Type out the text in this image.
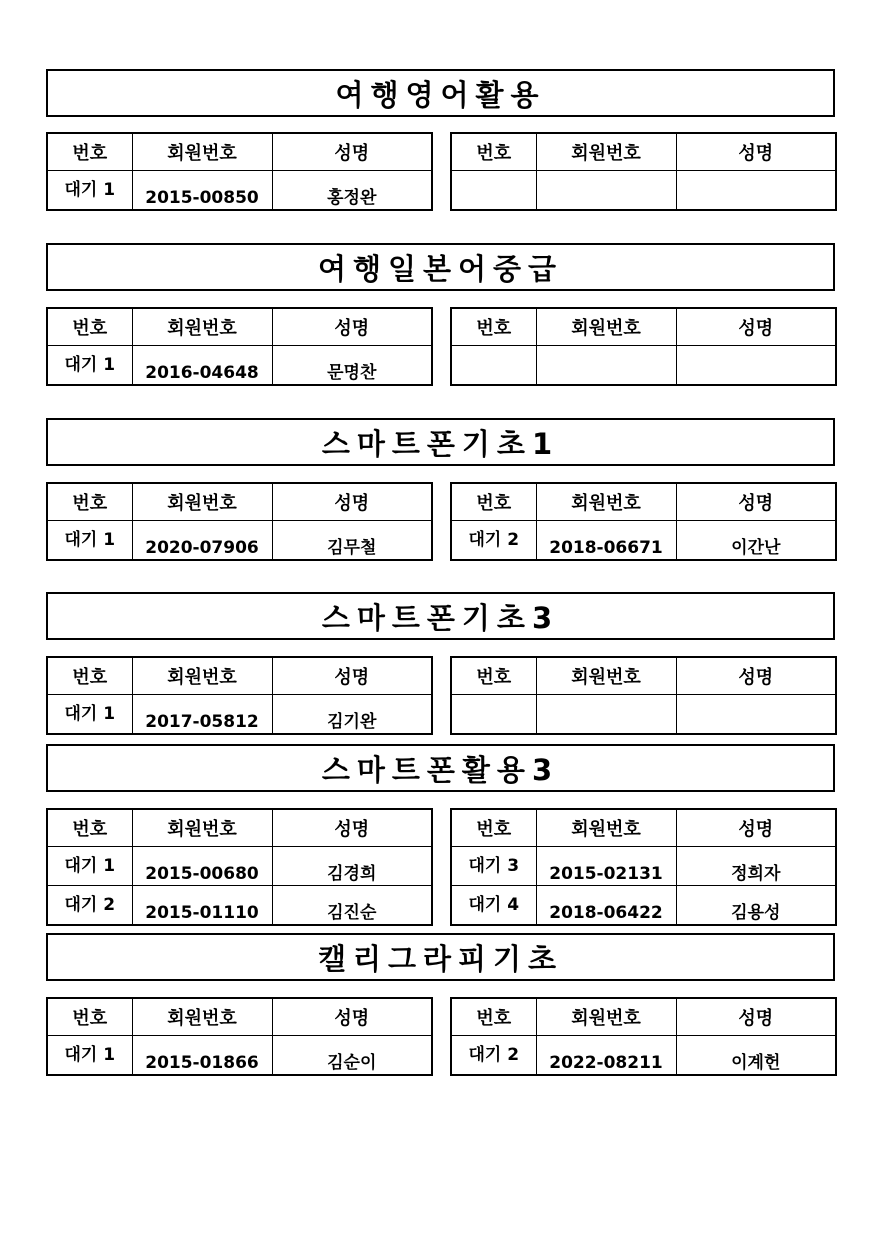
여행영어활용
번호	회원번호	성명
대기 1	2015-00850	홍정완
번호	회원번호	성명

여행일본어중급
번호	회원번호	성명
대기 1	2016-04648	문명찬
번호	회원번호	성명

스마트폰기초1
번호	회원번호	성명
대기 1	2020-07906	김무철
번호	회원번호	성명
대기 2	2018-06671	이간난
스마트폰기초3
번호	회원번호	성명
대기 1	2017-05812	김기완
번호	회원번호	성명

스마트폰활용3
번호	회원번호	성명
대기 1	2015-00680	김경희
대기 2	2015-01110	김진순
번호	회원번호	성명
대기 3	2015-02131	정희자
대기 4	2018-06422	김용성
캘리그라피기초
번호	회원번호	성명
대기 1	2015-01866	김순이
번호	회원번호	성명
대기 2	2022-08211	이계헌
